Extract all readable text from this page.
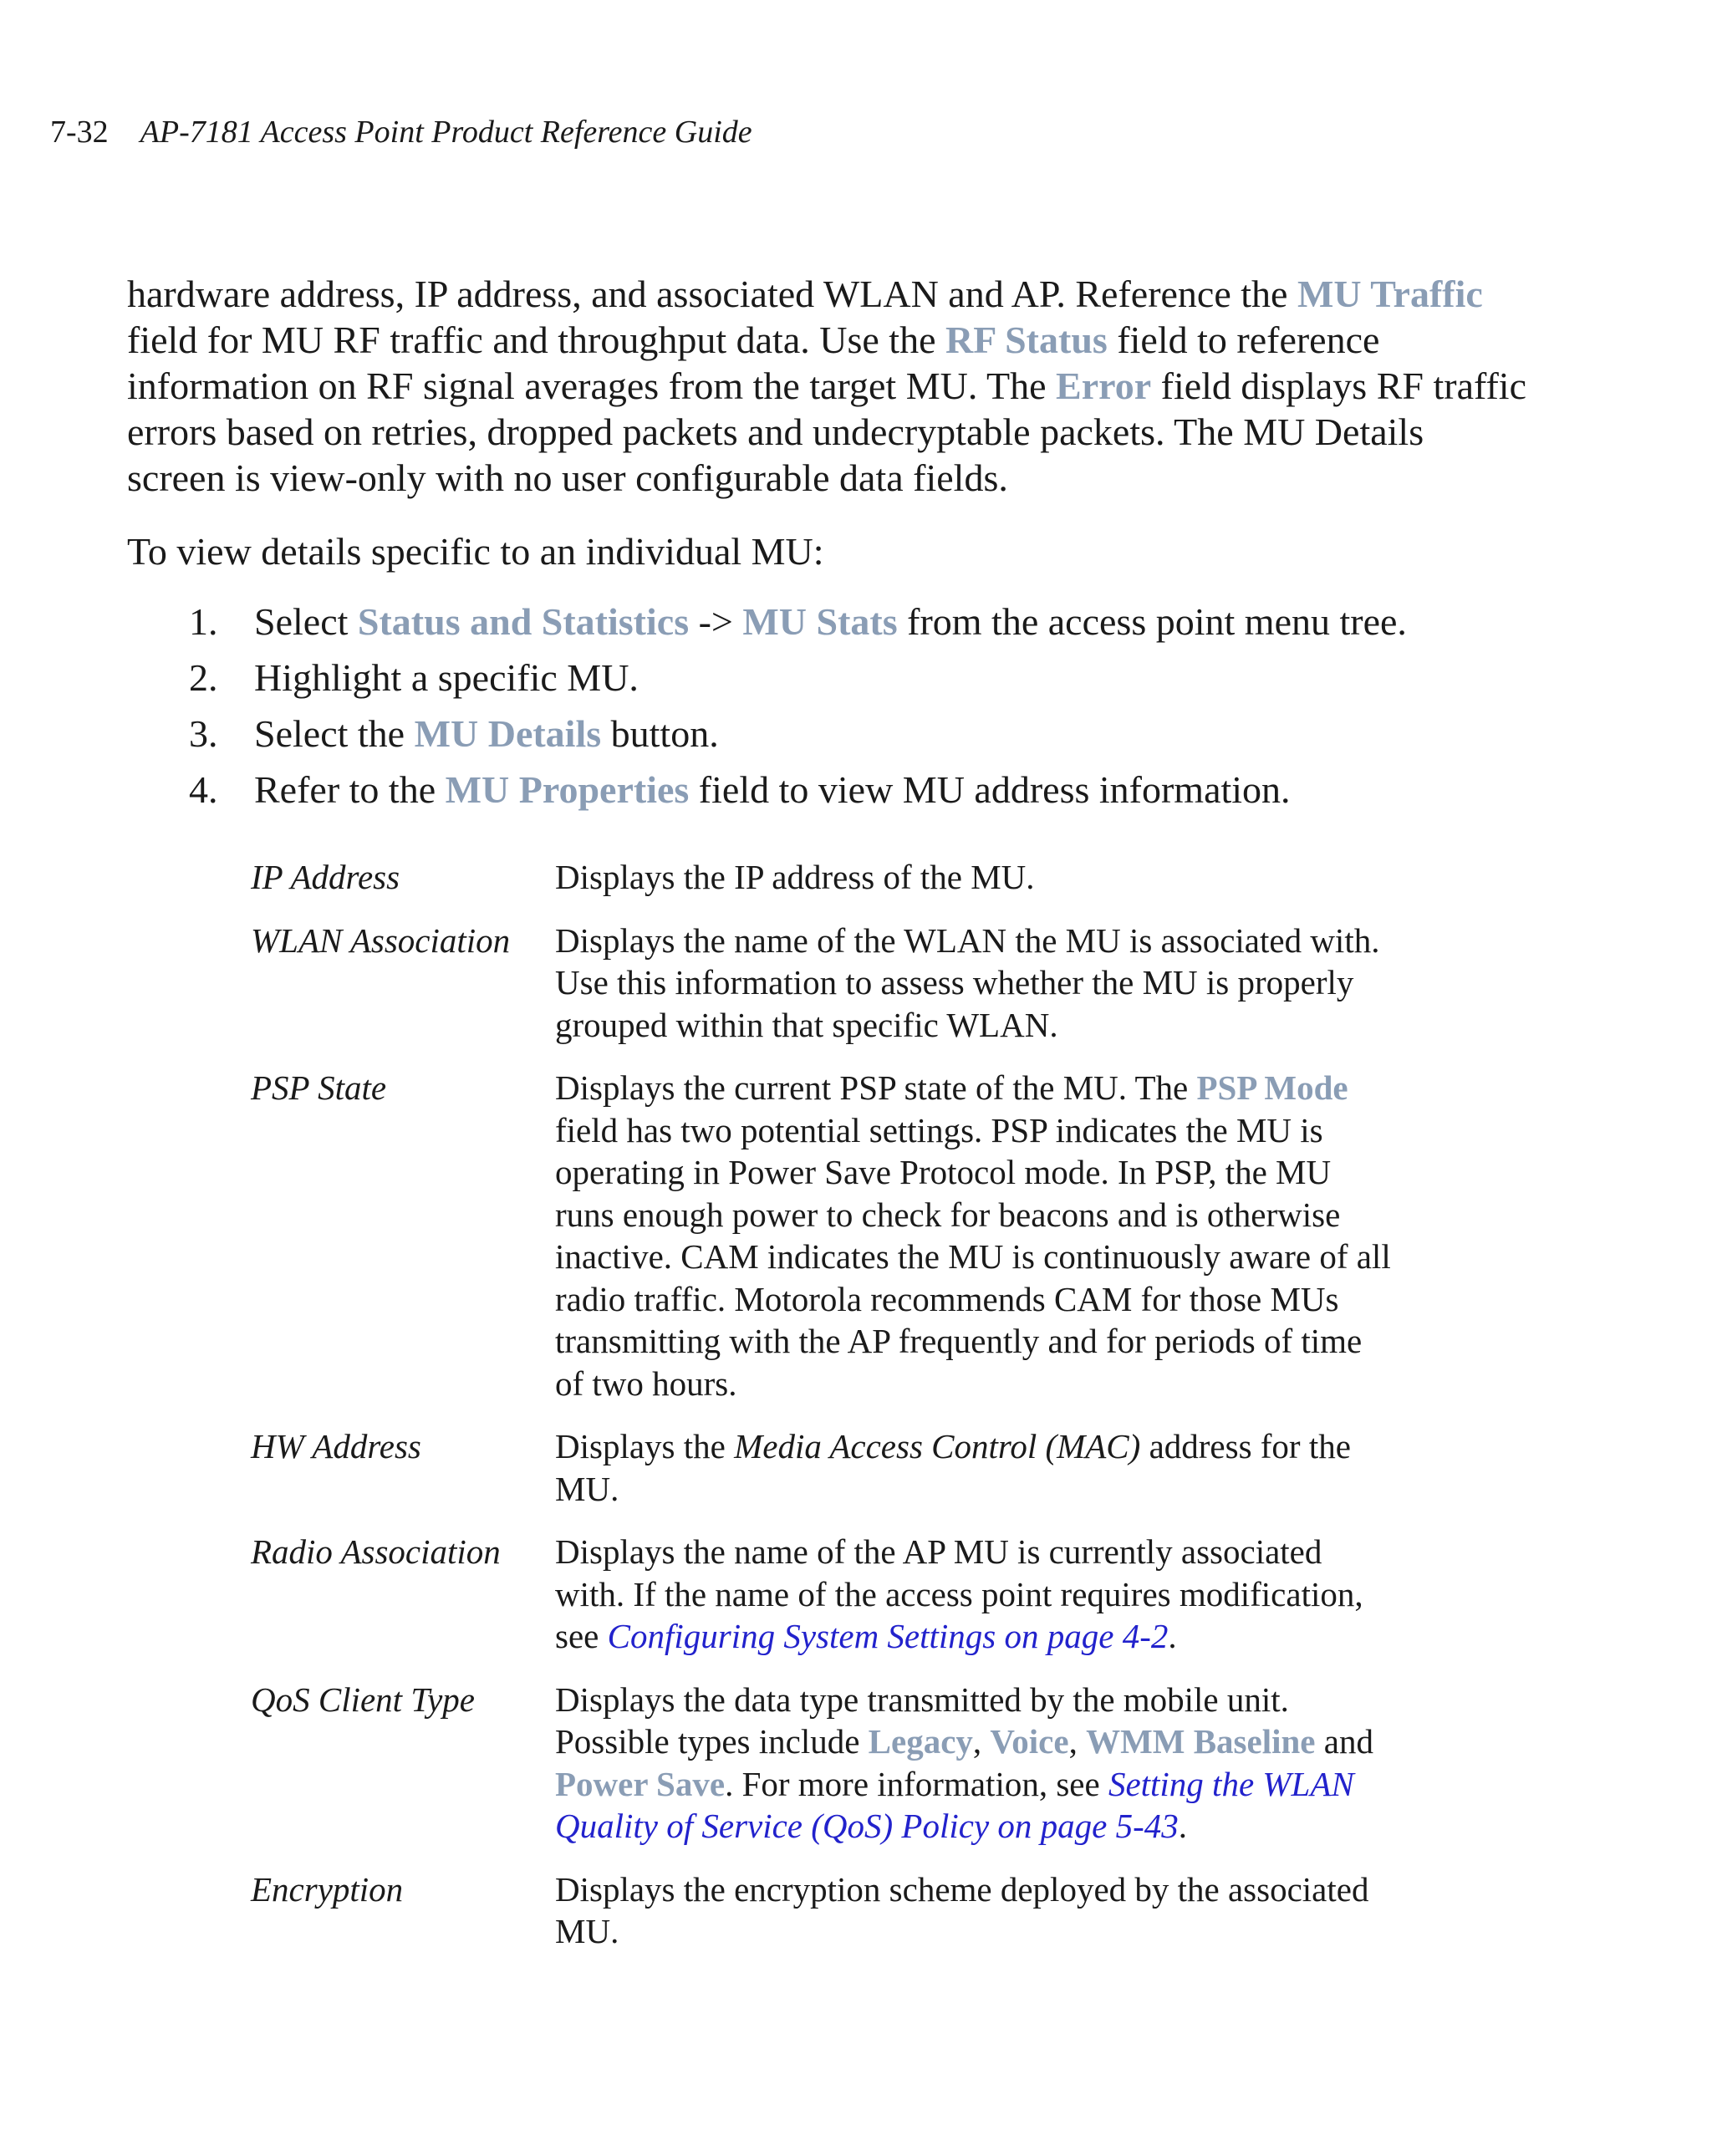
7-32 AP-7181 Access Point Product Reference Guide

hardware address, IP address, and associated WLAN and AP. Reference the MU Traffic field for MU RF traffic and throughput data. Use the RF Status field to reference information on RF signal averages from the target MU. The Error field displays RF traffic errors based on retries, dropped packets and undecryptable packets. The MU Details screen is view-only with no user configurable data fields.

To view details specific to an individual MU:
1. Select Status and Statistics -> MU Stats from the access point menu tree.
2. Highlight a specific MU.
3. Select the MU Details button.
4. Refer to the MU Properties field to view MU address information.
IP Address	Displays the IP address of the MU.
WLAN Association	Displays the name of the WLAN the MU is associated with. Use this information to assess whether the MU is properly grouped within that specific WLAN.
PSP State	Displays the current PSP state of the MU. The PSP Mode field has two potential settings. PSP indicates the MU is operating in Power Save Protocol mode. In PSP, the MU runs enough power to check for beacons and is otherwise inactive. CAM indicates the MU is continuously aware of all radio traffic. Motorola recommends CAM for those MUs transmitting with the AP frequently and for periods of time of two hours.
HW Address	Displays the Media Access Control (MAC) address for the MU.
Radio Association	Displays the name of the AP MU is currently associated with. If the name of the access point requires modification, see Configuring System Settings on page 4-2.
QoS Client Type	Displays the data type transmitted by the mobile unit. Possible types include Legacy, Voice, WMM Baseline and Power Save. For more information, see Setting the WLAN Quality of Service (QoS) Policy on page 5-43.
Encryption	Displays the encryption scheme deployed by the associated MU.
